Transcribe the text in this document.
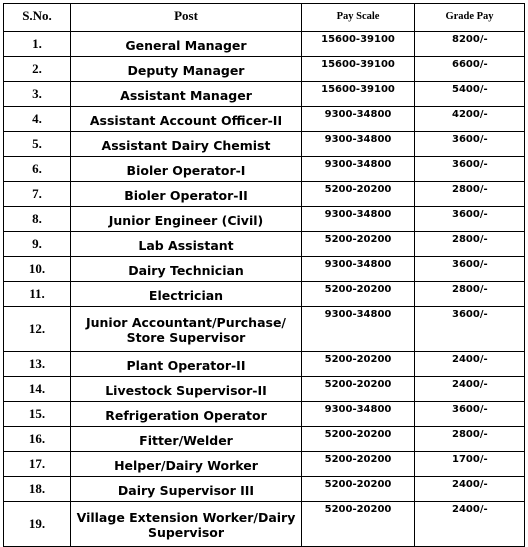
S.No.	Post	Pay Scale	Grade Pay
1.	General Manager	15600-39100	8200/-
2.	Deputy Manager	15600-39100	6600/-
3.	Assistant Manager	15600-39100	5400/-
4.	Assistant Account Officer-II	9300-34800	4200/-
5.	Assistant Dairy Chemist	9300-34800	3600/-
6.	Bioler Operator-I	9300-34800	3600/-
7.	Bioler Operator-II	5200-20200	2800/-
8.	Junior Engineer (Civil)	9300-34800	3600/-
9.	Lab Assistant	5200-20200	2800/-
10.	Dairy Technician	9300-34800	3600/-
11.	Electrician	5200-20200	2800/-
12.	Junior Accountant/Purchase/ Store Supervisor	9300-34800	3600/-
13.	Plant Operator-II	5200-20200	2400/-
14.	Livestock Supervisor-II	5200-20200	2400/-
15.	Refrigeration Operator	9300-34800	3600/-
16.	Fitter/Welder	5200-20200	2800/-
17.	Helper/Dairy Worker	5200-20200	1700/-
18.	Dairy Supervisor III	5200-20200	2400/-
19.	Village Extension Worker/Dairy Supervisor	5200-20200	2400/-
